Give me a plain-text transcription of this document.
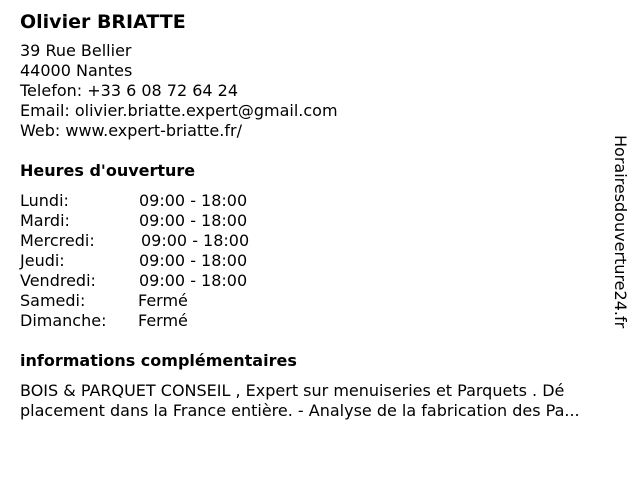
Olivier BRIATTE
39 Rue Bellier
44000 Nantes
Telefon: +33 6 08 72 64 24
Email: olivier.briatte.expert@gmail.com
Web: www.expert-briatte.fr/
Heures d'ouverture
Lundi:	09:00 - 18:00
Mardi:	09:00 - 18:00
Mercredi:	09:00 - 18:00
Jeudi:	09:00 - 18:00
Vendredi:	09:00 - 18:00
Samedi:	Fermé
Dimanche:	Fermé
informations complémentaires
BOIS & PARQUET CONSEIL , Expert sur menuiseries et Parquets . Dé
placement dans la France entière. - Analyse de la fabrication des Pa...
Horairesdouverture24.fr
